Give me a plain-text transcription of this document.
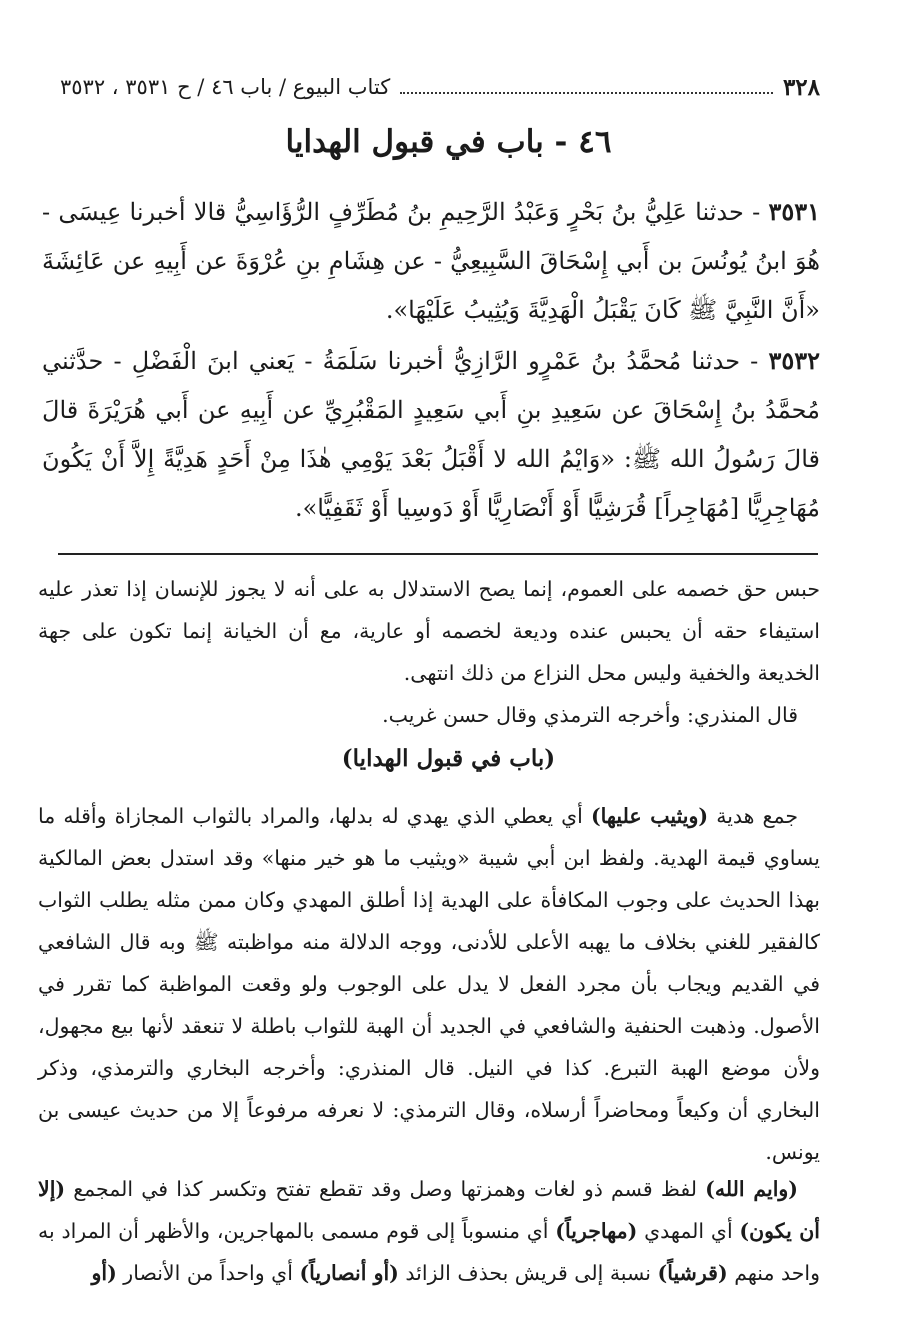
٣٢٨
كتاب البيوع / باب ٤٦ / ح ٣٥٣١ ، ٣٥٣٢
٤٦ - باب في قبول الهدايا
٣٥٣١ - حدثنا عَلِيُّ بنُ بَحْرٍ وَعَبْدُ الرَّحِيمِ بنُ مُطَرِّفٍ الرُّؤَاسِيُّ قالا أخبرنا عِيسَى - هُوَ ابنُ يُونُسَ بن أَبي إِسْحَاقَ السَّبِيعِيُّ - عن هِشَامِ بنِ عُرْوَةَ عن أَبِيهِ عن عَائِشَةَ «أَنَّ النَّبِيَّ ﷺ كَانَ يَقْبَلُ الْهَدِيَّةَ وَيُثِيبُ عَلَيْهَا».
٣٥٣٢ - حدثنا مُحمَّدُ بنُ عَمْرٍو الرَّازِيُّ أخبرنا سَلَمَةُ - يَعني ابنَ الْفَضْلِ - حدَّثني مُحمَّدُ بنُ إِسْحَاقَ عن سَعِيدِ بنِ أَبي سَعِيدٍ المَقْبُرِيِّ عن أَبِيهِ عن أَبي هُرَيْرَةَ قالَ قالَ رَسُولُ الله ﷺ: «وَايْمُ الله لا أَقْبَلُ بَعْدَ يَوْمِي هٰذَا مِنْ أَحَدٍ هَدِيَّةً إِلاَّ أَنْ يَكُونَ مُهَاجِرِيًّا [مُهَاجِراً] قُرَشِيًّا أَوْ أَنْصَارِيًّا أَوْ دَوسِيا أَوْ ثَقَفِيًّا».
حبس حق خصمه على العموم، إنما يصح الاستدلال به على أنه لا يجوز للإنسان إذا تعذر عليه استيفاء حقه أن يحبس عنده وديعة لخصمه أو عارية، مع أن الخيانة إنما تكون على جهة الخديعة والخفية وليس محل النزاع من ذلك انتهى.
قال المنذري: وأخرجه الترمذي وقال حسن غريب.
(باب في قبول الهدايا)
جمع هدية (ويثيب عليها) أي يعطي الذي يهدي له بدلها، والمراد بالثواب المجازاة وأقله ما يساوي قيمة الهدية. ولفظ ابن أبي شيبة «ويثيب ما هو خير منها» وقد استدل بعض المالكية بهذا الحديث على وجوب المكافأة على الهدية إذا أطلق المهدي وكان ممن مثله يطلب الثواب كالفقير للغني بخلاف ما يهبه الأعلى للأدنى، ووجه الدلالة منه مواظبته ﷺ وبه قال الشافعي في القديم ويجاب بأن مجرد الفعل لا يدل على الوجوب ولو وقعت المواظبة كما تقرر في الأصول. وذهبت الحنفية والشافعي في الجديد أن الهبة للثواب باطلة لا تنعقد لأنها بيع مجهول، ولأن موضع الهبة التبرع. كذا في النيل. قال المنذري: وأخرجه البخاري والترمذي، وذكر البخاري أن وكيعاً ومحاضراً أرسلاه، وقال الترمذي: لا نعرفه مرفوعاً إلا من حديث عيسى بن يونس.
(وايم الله) لفظ قسم ذو لغات وهمزتها وصل وقد تقطع تفتح وتكسر كذا في المجمع (إلا أن يكون) أي المهدي (مهاجرياً) أي منسوباً إلى قوم مسمى بالمهاجرين، والأظهر أن المراد به واحد منهم (قرشياً) نسبة إلى قريش بحذف الزائد (أو أنصارياً) أي واحداً من الأنصار (أو
